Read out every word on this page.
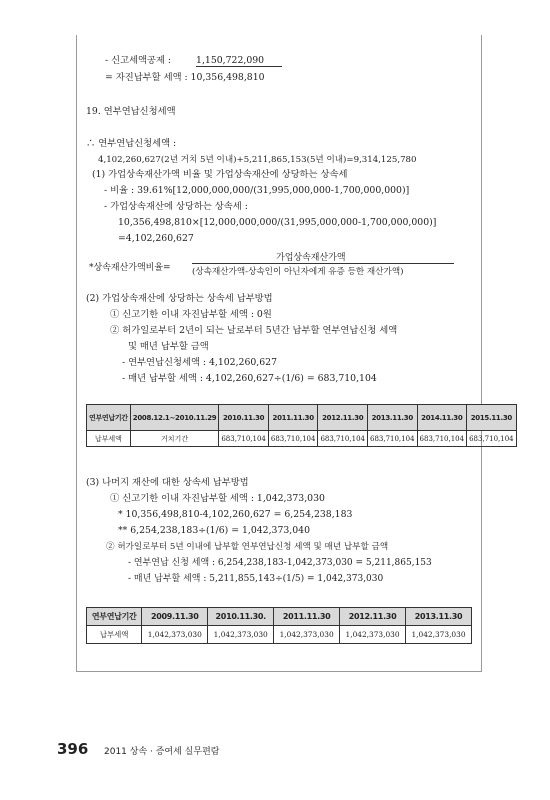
- 신고세액공제 :	1,150,722,090
= 자진납부할 세액 : 10,356,498,810
19. 연부연납신청세액
∴ 연부연납신청세액 :
4,102,260,627(2년 거치 5년 이내)+5,211,865,153(5년 이내)=9,314,125,780
(1) 가업상속재산가액 비율 및 가업상속재산에 상당하는 상속세
- 비율 : 39.61%[12,000,000,000/(31,995,000,000-1,700,000,000)]
- 가업상속재산에 상당하는 상속세 :
10,356,498,810×[12,000,000,000/(31,995,000,000-1,700,000,000)]
=4,102,260,627
*상속재산가액비율=
가업상속재산가액
(상속재산가액-상속인이 아닌자에게 유증 등한 재산가액)
(2) 가업상속재산에 상당하는 상속세 납부방법
① 신고기한 이내 자진납부할 세액 : 0원
② 허가일로부터 2년이 되는 날로부터 5년간 납부할 연부연납신청 세액
및 매년 납부할 금액
- 연부연납신청세액 : 4,102,260,627
- 매년 납부할 세액 : 4,102,260,627÷(1/6) = 683,710,104
연부연납기간	2008.12.1~2010.11.29	2010.11.30	2011.11.30	2012.11.30	2013.11.30	2014.11.30	2015.11.30
납부세액	거치기간	683,710,104	683,710,104	683,710,104	683,710,104	683,710,104	683,710,104
(3) 나머지 재산에 대한 상속세 납부방법
① 신고기한 이내 자진납부할 세액 : 1,042,373,030
* 10,356,498,810-4,102,260,627 = 6,254,238,183
** 6,254,238,183÷(1/6) = 1,042,373,040
② 허가일로부터 5년 이내에 납부할 연부연납신청 세액 및 매년 납부할 금액
- 연부연납 신청 세액 : 6,254,238,183-1,042,373,030 = 5,211,865,153
- 매년 납부할 세액 : 5,211,855,143÷(1/5) = 1,042,373,030
연부연납기간	2009.11.30	2010.11.30.	2011.11.30	2012.11.30	2013.11.30
납부세액	1,042,373,030	1,042,373,030	1,042,373,030	1,042,373,030	1,042,373,030
396 2011 상속 · 증여세 실무편람
